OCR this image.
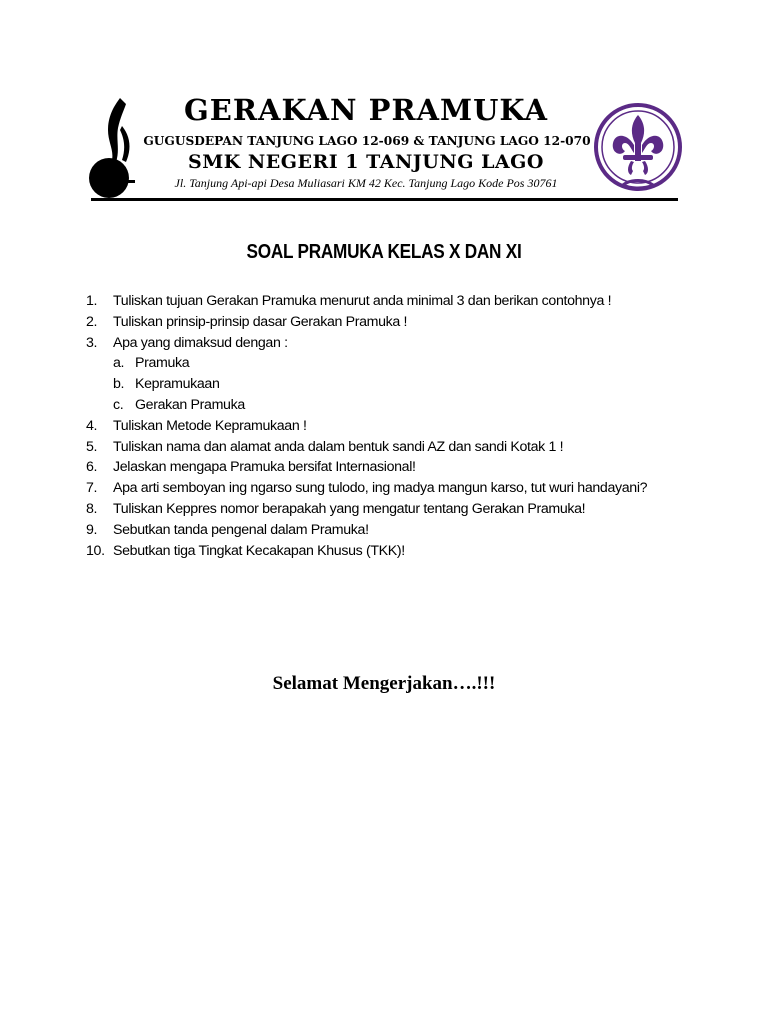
GERAKAN PRAMUKA

GUGUSDEPAN TANJUNG LAGO 12-069 & TANJUNG LAGO 12-070

SMK NEGERI 1 TANJUNG LAGO

Jl. Tanjung Api-api Desa Muliasari KM 42 Kec. Tanjung Lago Kode Pos 30761

SOAL PRAMUKA KELAS X DAN XI
1. Tuliskan tujuan Gerakan Pramuka menurut anda minimal 3 dan berikan contohnya !
2. Tuliskan prinsip-prinsip dasar Gerakan Pramuka !
3. Apa yang dimaksud dengan :
a. Pramuka
b. Kepramukaan
c. Gerakan Pramuka
4. Tuliskan Metode Kepramukaan !
5. Tuliskan nama dan alamat anda dalam bentuk sandi AZ dan sandi Kotak 1 !
6. Jelaskan mengapa Pramuka bersifat Internasional!
7. Apa arti semboyan ing ngarso sung tulodo, ing madya mangun karso, tut wuri handayani?
8. Tuliskan Keppres nomor berapakah yang mengatur tentang Gerakan Pramuka!
9. Sebutkan tanda pengenal dalam Pramuka!
10. Sebutkan tiga Tingkat Kecakapan Khusus (TKK)!

Selamat Mengerjakan….!!!
